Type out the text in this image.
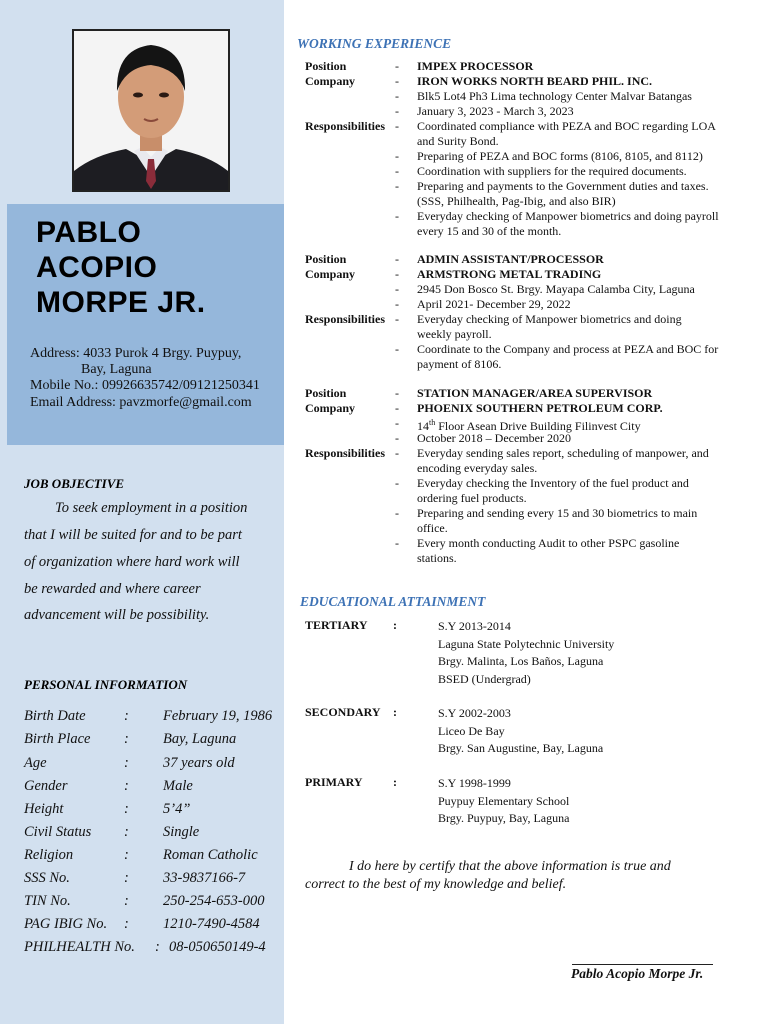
PABLO
ACOPIO
MORPE JR.
Address: 4033 Purok 4 Brgy. Puypuy,
Bay, Laguna
Mobile No.: 09926635742/09121250341
Email Address: pavzmorfe@gmail.com
JOB OBJECTIVE
To seek employment in a position
that I will be suited for and to be part
of organization where hard work will
be rewarded and where career
advancement will be possibility.
PERSONAL INFORMATION
Birth Date	: February 19, 1986
Birth Place : Bay, Laguna
Age	: 37 years old
Gender	: Male
Height	: 5’4”
Civil Status : Single
Religion	: Roman Catholic
SSS No.	: 33-9837166-7
TIN No.	: 250-254-653-000
PAG IBIG No. : 1210-7490-4584
PHILHEALTH No. : 08-050650149-4
WORKING EXPERIENCE
Position	- IMPEX PROCESSOR
Company	- IRON WORKS NORTH BEARD PHIL. INC.
- Blk5 Lot4 Ph3 Lima technology Center Malvar Batangas
- January 3, 2023 - March 3, 2023
Responsibilities - Coordinated compliance with PEZA and BOC regarding LOA
and Surity Bond.
- Preparing of PEZA and BOC forms (8106, 8105, and 8112)
- Coordination with suppliers for the required documents.
- Preparing and payments to the Government duties and taxes.
(SSS, Philhealth, Pag-Ibig, and also BIR)
- Everyday checking of Manpower biometrics and doing payroll
every 15 and 30 of the month.
Position	- ADMIN ASSISTANT/PROCESSOR
Company	- ARMSTRONG METAL TRADING
- 2945 Don Bosco St. Brgy. Mayapa Calamba City, Laguna
- April 2021- December 29, 2022
Responsibilities - Everyday checking of Manpower biometrics and doing
weekly payroll.
- Coordinate to the Company and process at PEZA and BOC for
payment of 8106.
Position	- STATION MANAGER/AREA SUPERVISOR
Company	- PHOENIX SOUTHERN PETROLEUM CORP.
- 14th Floor Asean Drive Building Filinvest City
- October 2018 – December 2020
Responsibilities - Everyday sending sales report, scheduling of manpower, and
encoding everyday sales.
- Everyday checking the Inventory of the fuel product and
ordering fuel products.
- Preparing and sending every 15 and 30 biometrics to main
office.
- Every month conducting Audit to other PSPC gasoline
stations.
EDUCATIONAL ATTAINMENT
TERTIARY :	S.Y 2013-2014
Laguna State Polytechnic University
Brgy. Malinta, Los Baños, Laguna
BSED (Undergrad)
SECONDARY :	S.Y 2002-2003
Liceo De Bay
Brgy. San Augustine, Bay, Laguna
PRIMARY	:	S.Y 1998-1999
Puypuy Elementary School
Brgy. Puypuy, Bay, Laguna
I do here by certify that the above information is true and
correct to the best of my knowledge and belief.
Pablo Acopio Morpe Jr.
